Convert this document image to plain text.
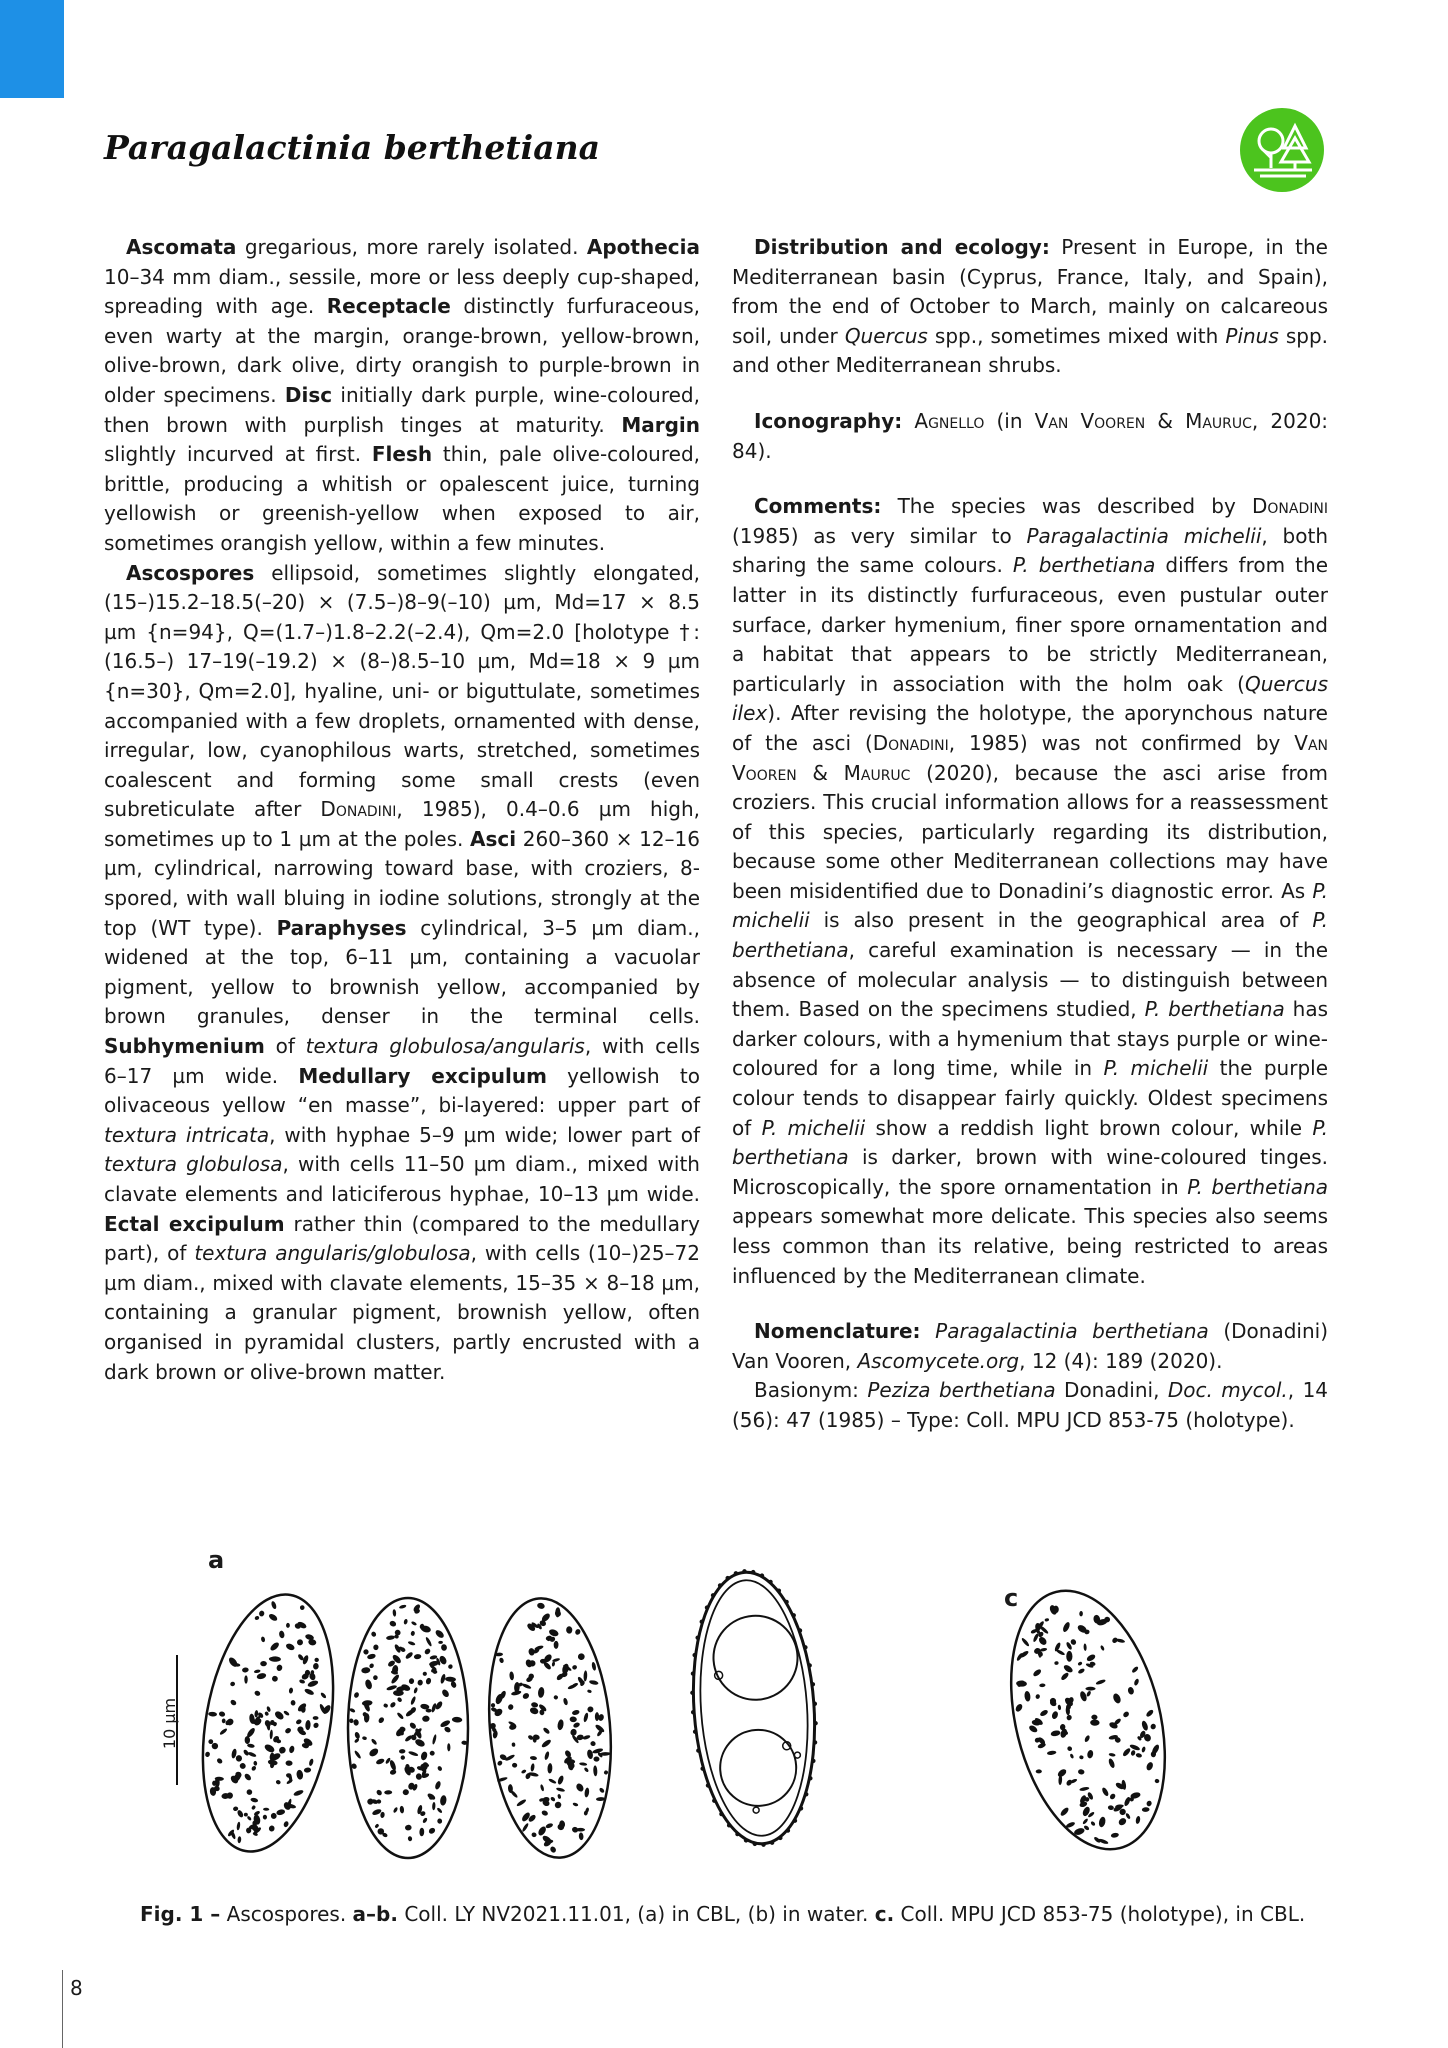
Paragalactinia berthetiana

Ascomata gregarious, more rarely isolated. Apothecia 10–34 mm diam., sessile, more or less deeply cup-shaped, spreading with age. Receptacle distinctly furfuraceous, even warty at the margin, orange-brown, yellow-brown, olive-brown, dark olive, dirty orangish to purple-brown in older specimens. Disc initially dark purple, wine-coloured, then brown with purplish tinges at maturity. Margin slightly incurved at first. Flesh thin, pale olive-coloured, brittle, producing a whitish or opalescent juice, turning yellowish or greenish-yellow when exposed to air, sometimes orangish yellow, within a few minutes.

Ascospores ellipsoid, sometimes slightly elongated, (15–)15.2–18.5(–20) × (7.5–)8–9(–10) µm, Md=17 × 8.5 µm {n=94}, Q=(1.7–)1.8–2.2(–2.4), Qm=2.0 [holotype †: (16.5–) 17–19(–19.2) × (8–)8.5–10 µm, Md=18 × 9 µm {n=30}, Qm=2.0], hyaline, uni- or biguttulate, sometimes accompanied with a few droplets, ornamented with dense, irregular, low, cyanophilous warts, stretched, sometimes coalescent and forming some small crests (even subreticulate after Donadini, 1985), 0.4–0.6 µm high, sometimes up to 1 µm at the poles. Asci 260–360 × 12–16 µm, cylindrical, narrowing toward base, with croziers, 8-spored, with wall bluing in iodine solutions, strongly at the top (WT type). Paraphyses cylindrical, 3–5 µm diam., widened at the top, 6–11 µm, containing a vacuolar pigment, yellow to brownish yellow, accompanied by brown granules, denser in the terminal cells. Subhymenium of textura globulosa/angularis, with cells 6–17 µm wide. Medullary excipulum yellowish to olivaceous yellow “en masse”, bi-layered: upper part of textura intricata, with hyphae 5–9 µm wide; lower part of textura globulosa, with cells 11–50 µm diam., mixed with clavate elements and laticiferous hyphae, 10–13 µm wide. Ectal excipulum rather thin (compared to the medullary part), of textura angularis/globulosa, with cells (10–)25–72 µm diam., mixed with clavate elements, 15–35 × 8–18 µm, containing a granular pigment, brownish yellow, often organised in pyramidal clusters, partly encrusted with a dark brown or olive-brown matter.

Distribution and ecology: Present in Europe, in the Mediterranean basin (Cyprus, France, Italy, and Spain), from the end of October to March, mainly on calcareous soil, under Quercus spp., sometimes mixed with Pinus spp. and other Mediterranean shrubs.

Iconography: Agnello (in Van Vooren & Mauruc, 2020: 84).

Comments: The species was described by Donadini (1985) as very similar to Paragalactinia michelii, both sharing the same colours. P. berthetiana differs from the latter in its distinctly furfuraceous, even pustular outer surface, darker hymenium, finer spore ornamentation and a habitat that appears to be strictly Mediterranean, particularly in association with the holm oak (Quercus ilex). After revising the holotype, the aporynchous nature of the asci (Donadini, 1985) was not confirmed by Van Vooren & Mauruc (2020), because the asci arise from croziers. This crucial information allows for a reassessment of this species, particularly regarding its distribution, because some other Mediterranean collections may have been misidentified due to Donadini’s diagnostic error. As P. michelii is also present in the geographical area of P. berthetiana, careful examination is necessary — in the absence of molecular analysis — to distinguish between them. Based on the specimens studied, P. berthetiana has darker colours, with a hymenium that stays purple or wine-coloured for a long time, while in P. michelii the purple colour tends to disappear fairly quickly. Oldest specimens of P. michelii show a reddish light brown colour, while P. berthetiana is darker, brown with wine-coloured tinges. Microscopically, the spore ornamentation in P. berthetiana appears somewhat more delicate. This species also seems less common than its relative, being restricted to areas influenced by the Mediterranean climate.

Nomenclature: Paragalactinia berthetiana (Donadini) Van Vooren, Ascomycete.org, 12 (4): 189 (2020).

Basionym: Peziza berthetiana Donadini, Doc. mycol., 14 (56): 47 (1985) – Type: Coll. MPU JCD 853-75 (holotype).

a
c
10 µm
Fig. 1 – Ascospores. a–b. Coll. LY NV2021.11.01, (a) in CBL, (b) in water. c. Coll. MPU JCD 853-75 (holotype), in CBL.
8
